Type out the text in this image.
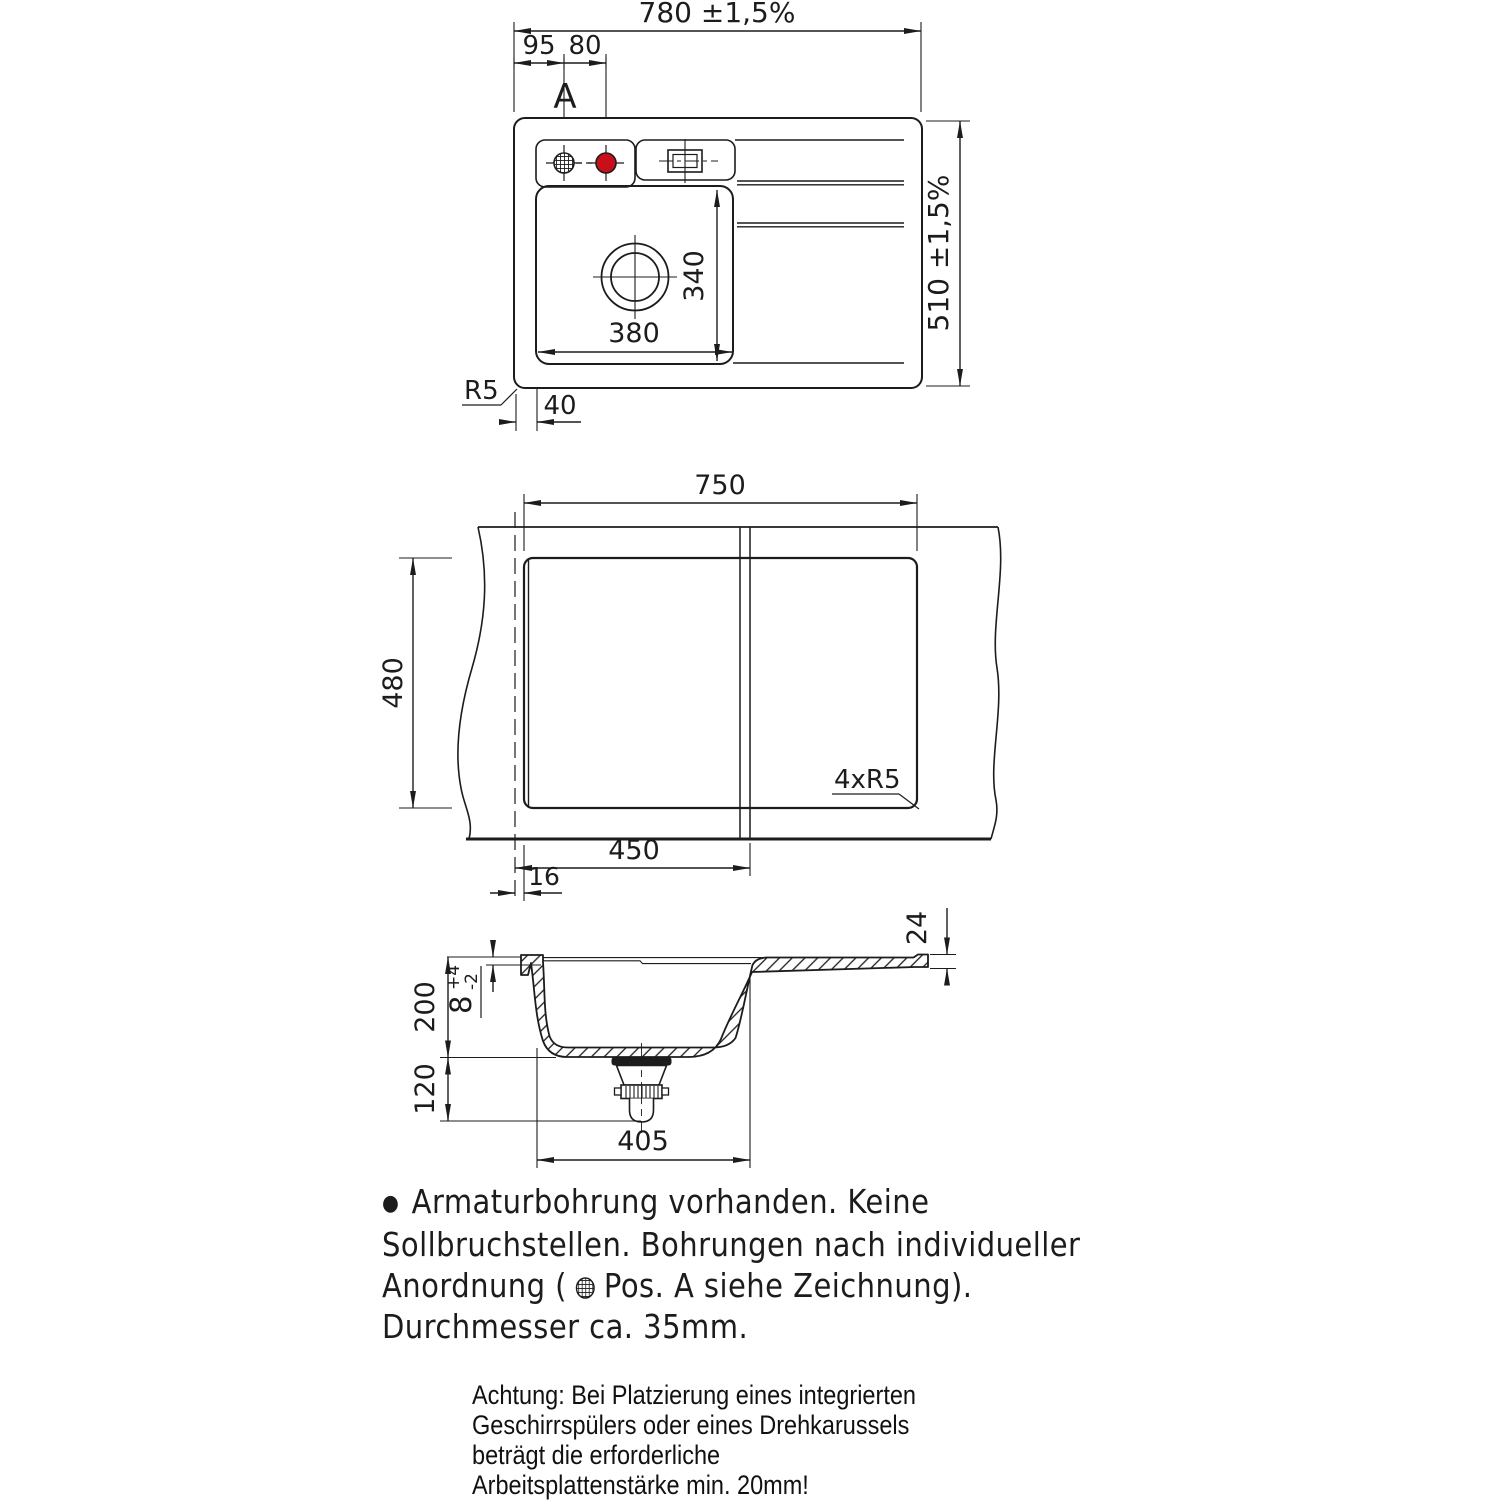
780 ±1,5%
95 80
A
340
380
R5 40
510 ±1,5%
750
480
450
16
4xR5
200
120
8
+4
-2
24
405
● Armaturbohrung vorhanden. Keine
Sollbruchstellen. Bohrungen nach individueller
Anordnung ( Pos. A siehe Zeichnung).
Durchmesser ca. 35mm.
Achtung: Bei Platzierung eines integrierten
Geschirrspülers oder eines Drehkarussels
beträgt die erforderliche
Arbeitsplattenstärke min. 20mm!
